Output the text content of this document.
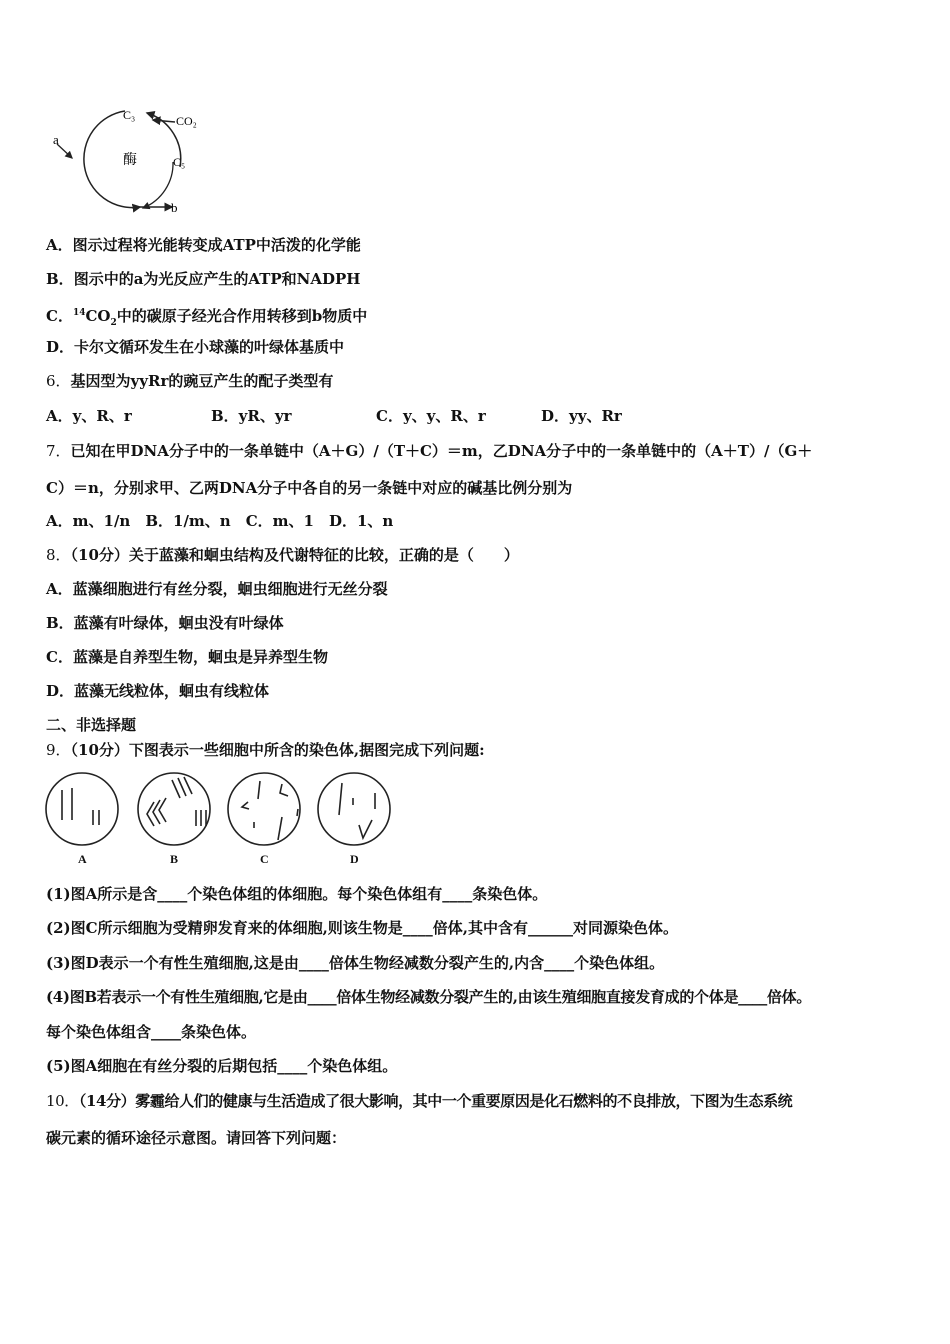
a
b
C₃	CO₂
C₅
酶
A．图示过程将光能转变成ATP中活泼的化学能
B．图示中的a为光反应产生的ATP和NADPH
C．$^{14}CO_2$中的碳原子经光合作用转移到b物质中
D．卡尔文循环发生在小球藻的叶绿体基质中
6．基因型为yyRr的豌豆产生的配子类型有
A．y、R、r	B．yR、yr	C．y、y、R、r	D．yy、Rr
7．已知在甲DNA分子中的一条单链中（A＋G）/（T＋C）＝m，乙DNA分子中的一条单链中的（A＋T）/（G＋
C）＝n，分别求甲、乙两DNA分子中各自的另一条链中对应的碱基比例分别为
A．m、1/n　B．1/m、n　C．m、1　D．1、n
8．（10分）关于蓝藻和蛔虫结构及代谢特征的比较，正确的是（　　）
A．蓝藻细胞进行有丝分裂，蛔虫细胞进行无丝分裂
B．蓝藻有叶绿体，蛔虫没有叶绿体
C．蓝藻是自养型生物，蛔虫是异养型生物
D．蓝藻无线粒体，蛔虫有线粒体
二、非选择题
9．（10分）下图表示一些细胞中所含的染色体,据图完成下列问题:
A	B	C	D
(1)图A所示是含____个染色体组的体细胞。每个染色体组有____条染色体。
(2)图C所示细胞为受精卵发育来的体细胞,则该生物是____倍体,其中含有______对同源染色体。
(3)图D表示一个有性生殖细胞,这是由____倍体生物经减数分裂产生的,内含____个染色体组。
(4)图B若表示一个有性生殖细胞,它是由____倍体生物经减数分裂产生的,由该生殖细胞直接发育成的个体是____倍体。
每个染色体组含____条染色体。
(5)图A细胞在有丝分裂的后期包括____个染色体组。
10．（14分）雾霾给人们的健康与生活造成了很大影响，其中一个重要原因是化石燃料的不良排放，下图为生态系统
碳元素的循环途径示意图。请回答下列问题：
